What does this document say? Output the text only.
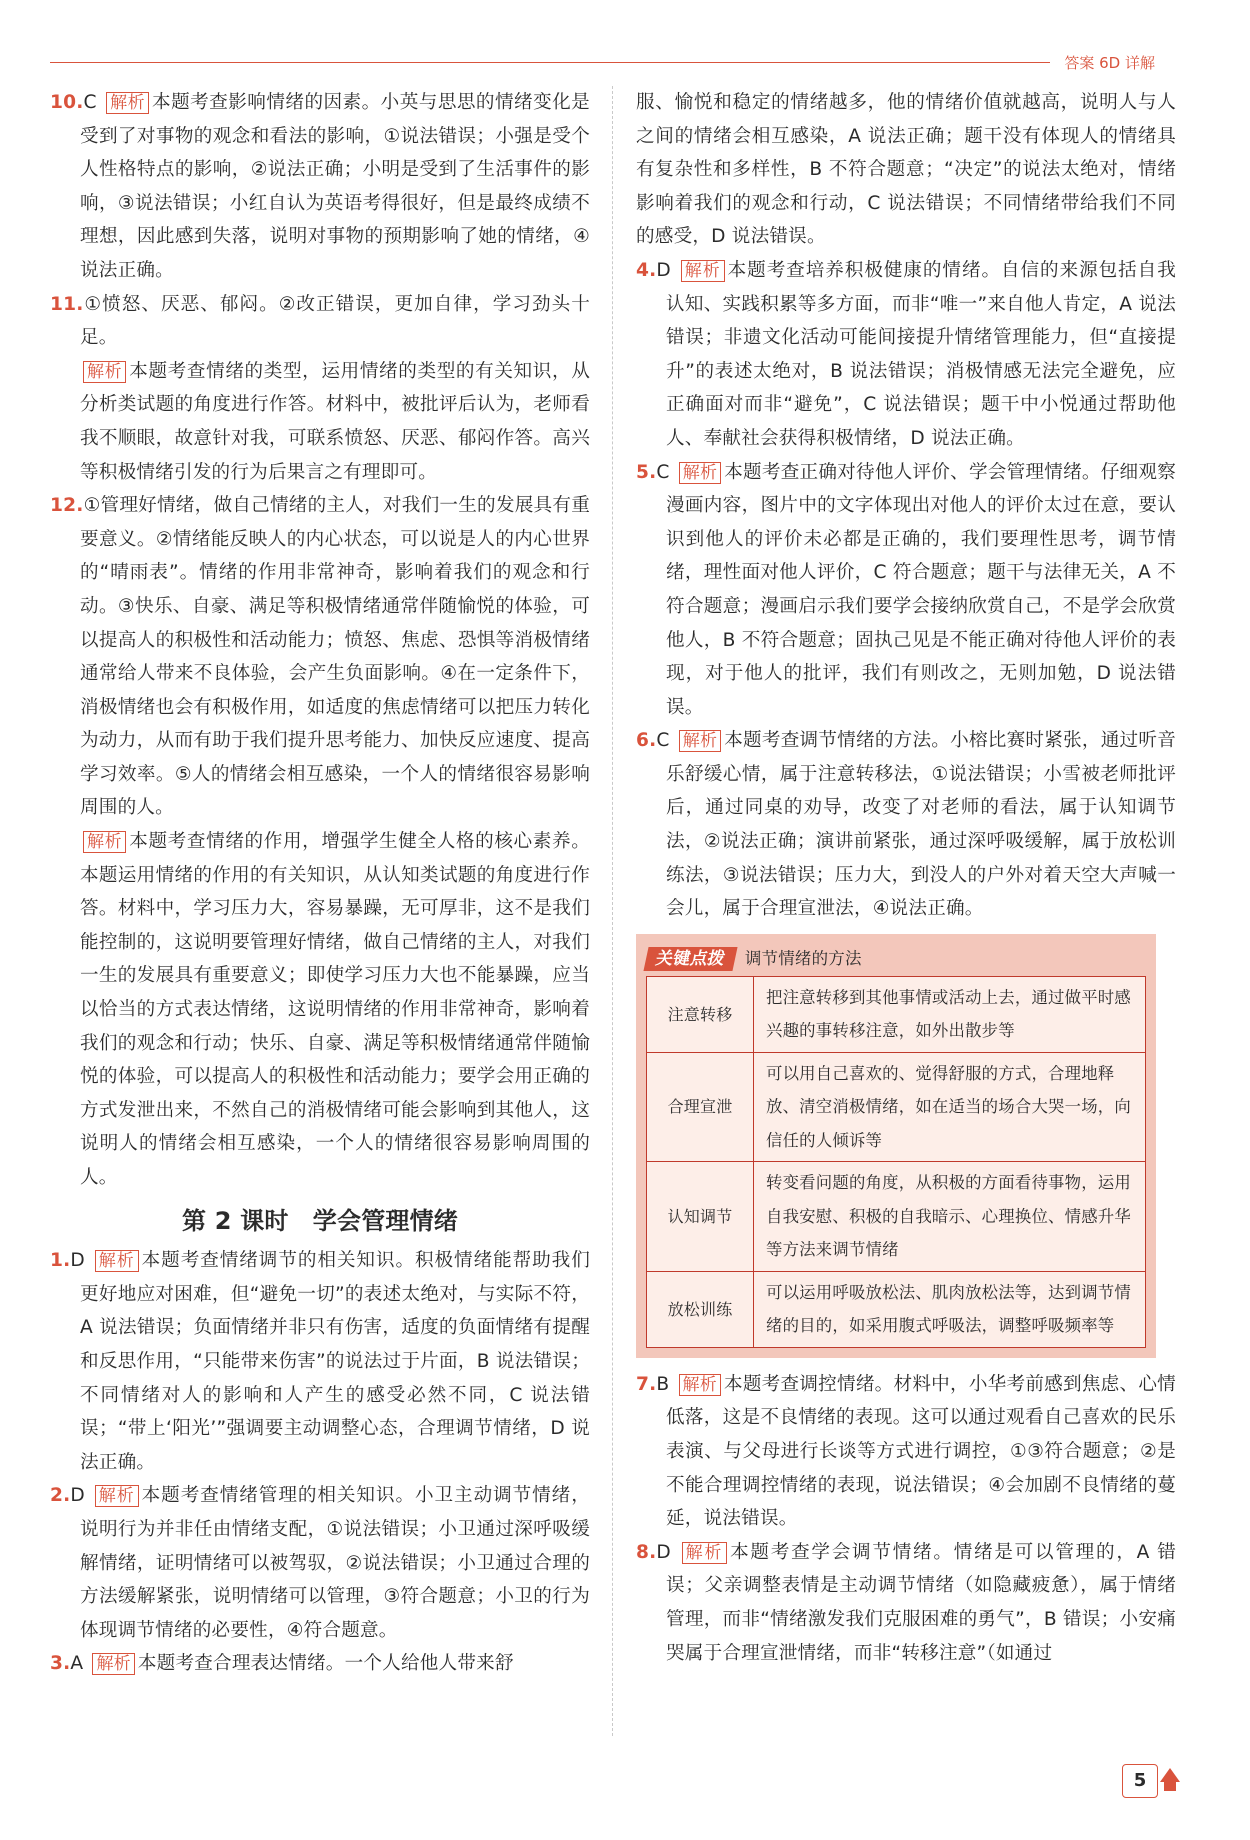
答案 6D 详解

10.C 解析 本题考查影响情绪的因素。小英与思思的情绪变化是受到了对事物的观念和看法的影响，①说法错误；小强是受个人性格特点的影响，②说法正确；小明是受到了生活事件的影响，③说法错误；小红自认为英语考得很好，但是最终成绩不理想，因此感到失落，说明对事物的预期影响了她的情绪，④说法正确。

11.①愤怒、厌恶、郁闷。②改正错误，更加自律，学习劲头十足。

解析 本题考查情绪的类型，运用情绪的类型的有关知识，从分析类试题的角度进行作答。材料中，被批评后认为，老师看我不顺眼，故意针对我，可联系愤怒、厌恶、郁闷作答。高兴等积极情绪引发的行为后果言之有理即可。

12.①管理好情绪，做自己情绪的主人，对我们一生的发展具有重要意义。②情绪能反映人的内心状态，可以说是人的内心世界的“晴雨表”。情绪的作用非常神奇，影响着我们的观念和行动。③快乐、自豪、满足等积极情绪通常伴随愉悦的体验，可以提高人的积极性和活动能力；愤怒、焦虑、恐惧等消极情绪通常给人带来不良体验，会产生负面影响。④在一定条件下，消极情绪也会有积极作用，如适度的焦虑情绪可以把压力转化为动力，从而有助于我们提升思考能力、加快反应速度、提高学习效率。⑤人的情绪会相互感染，一个人的情绪很容易影响周围的人。

解析 本题考查情绪的作用，增强学生健全人格的核心素养。本题运用情绪的作用的有关知识，从认知类试题的角度进行作答。材料中，学习压力大，容易暴躁，无可厚非，这不是我们能控制的，这说明要管理好情绪，做自己情绪的主人，对我们一生的发展具有重要意义；即使学习压力大也不能暴躁，应当以恰当的方式表达情绪，这说明情绪的作用非常神奇，影响着我们的观念和行动；快乐、自豪、满足等积极情绪通常伴随愉悦的体验，可以提高人的积极性和活动能力；要学会用正确的方式发泄出来，不然自己的消极情绪可能会影响到其他人，这说明人的情绪会相互感染，一个人的情绪很容易影响周围的人。

第 2 课时　学会管理情绪

1.D 解析 本题考查情绪调节的相关知识。积极情绪能帮助我们更好地应对困难，但“避免一切”的表述太绝对，与实际不符，A 说法错误；负面情绪并非只有伤害，适度的负面情绪有提醒和反思作用，“只能带来伤害”的说法过于片面，B 说法错误；不同情绪对人的影响和人产生的感受必然不同，C 说法错误；“带上‘阳光’”强调要主动调整心态，合理调节情绪，D 说法正确。

2.D 解析 本题考查情绪管理的相关知识。小卫主动调节情绪，说明行为并非任由情绪支配，①说法错误；小卫通过深呼吸缓解情绪，证明情绪可以被驾驭，②说法错误；小卫通过合理的方法缓解紧张，说明情绪可以管理，③符合题意；小卫的行为体现调节情绪的必要性，④符合题意。

3.A 解析 本题考查合理表达情绪。一个人给他人带来舒

服、愉悦和稳定的情绪越多，他的情绪价值就越高，说明人与人之间的情绪会相互感染，A 说法正确；题干没有体现人的情绪具有复杂性和多样性，B 不符合题意；“决定”的说法太绝对，情绪影响着我们的观念和行动，C 说法错误；不同情绪带给我们不同的感受，D 说法错误。

4.D 解析 本题考查培养积极健康的情绪。自信的来源包括自我认知、实践积累等多方面，而非“唯一”来自他人肯定，A 说法错误；非遗文化活动可能间接提升情绪管理能力，但“直接提升”的表述太绝对，B 说法错误；消极情感无法完全避免，应正确面对而非“避免”，C 说法错误；题干中小悦通过帮助他人、奉献社会获得积极情绪，D 说法正确。

5.C 解析 本题考查正确对待他人评价、学会管理情绪。仔细观察漫画内容，图片中的文字体现出对他人的评价太过在意，要认识到他人的评价未必都是正确的，我们要理性思考，调节情绪，理性面对他人评价，C 符合题意；题干与法律无关，A 不符合题意；漫画启示我们要学会接纳欣赏自己，不是学会欣赏他人，B 不符合题意；固执己见是不能正确对待他人评价的表现，对于他人的批评，我们有则改之，无则加勉，D 说法错误。

6.C 解析 本题考查调节情绪的方法。小榕比赛时紧张，通过听音乐舒缓心情，属于注意转移法，①说法错误；小雪被老师批评后，通过同桌的劝导，改变了对老师的看法，属于认知调节法，②说法正确；演讲前紧张，通过深呼吸缓解，属于放松训练法，③说法错误；压力大，到没人的户外对着天空大声喊一会儿，属于合理宣泄法，④说法正确。

关键点拨 调节情绪的方法
注意转移	把注意转移到其他事情或活动上去，通过做平时感兴趣的事转移注意，如外出散步等
合理宣泄	可以用自己喜欢的、觉得舒服的方式，合理地释放、清空消极情绪，如在适当的场合大哭一场，向信任的人倾诉等
认知调节	转变看问题的角度，从积极的方面看待事物，运用自我安慰、积极的自我暗示、心理换位、情感升华等方法来调节情绪
放松训练	可以运用呼吸放松法、肌肉放松法等，达到调节情绪的目的，如采用腹式呼吸法，调整呼吸频率等

7.B 解析 本题考查调控情绪。材料中，小华考前感到焦虑、心情低落，这是不良情绪的表现。这可以通过观看自己喜欢的民乐表演、与父母进行长谈等方式进行调控，①③符合题意；②是不能合理调控情绪的表现，说法错误；④会加剧不良情绪的蔓延，说法错误。

8.D 解析 本题考查学会调节情绪。情绪是可以管理的，A 错误；父亲调整表情是主动调节情绪（如隐藏疲惫），属于情绪管理，而非“情绪激发我们克服困难的勇气”，B 错误；小安痛哭属于合理宣泄情绪，而非“转移注意”（如通过

5
